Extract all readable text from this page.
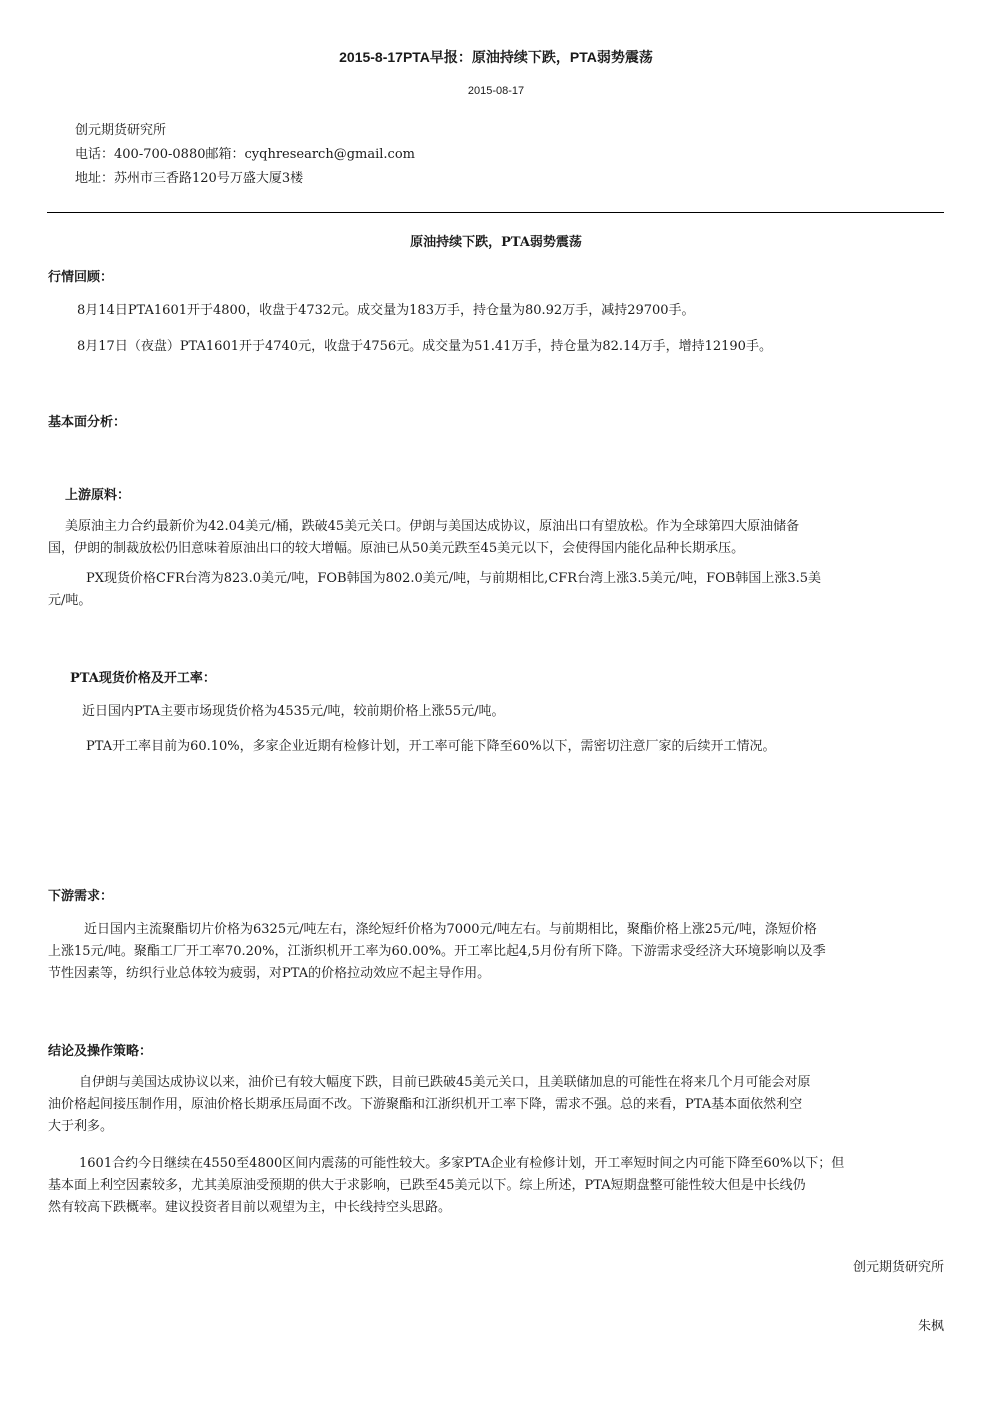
2015-8-17PTA早报：原油持续下跌，PTA弱势震荡
2015-08-17
创元期货研究所
电话：400-700-0880邮箱：cyqhresearch@gmail.com
地址：苏州市三香路120号万盛大厦3楼
原油持续下跌，PTA弱势震荡
行情回顾：
8月14日PTA1601开于4800，收盘于4732元。成交量为183万手，持仓量为80.92万手，减持29700手。
8月17日（夜盘）PTA1601开于4740元，收盘于4756元。成交量为51.41万手，持仓量为82.14万手，增持12190手。
基本面分析：
上游原料：
美原油主力合约最新价为42.04美元/桶，跌破45美元关口。伊朗与美国达成协议，原油出口有望放松。作为全球第四大原油储备
国，伊朗的制裁放松仍旧意味着原油出口的较大增幅。原油已从50美元跌至45美元以下，会使得国内能化品种长期承压。
PX现货价格CFR台湾为823.0美元/吨，FOB韩国为802.0美元/吨，与前期相比,CFR台湾上涨3.5美元/吨，FOB韩国上涨3.5美
元/吨。
PTA现货价格及开工率：
近日国内PTA主要市场现货价格为4535元/吨，较前期价格上涨55元/吨。
PTA开工率目前为60.10%，多家企业近期有检修计划，开工率可能下降至60%以下，需密切注意厂家的后续开工情况。
下游需求：
近日国内主流聚酯切片价格为6325元/吨左右，涤纶短纤价格为7000元/吨左右。与前期相比，聚酯价格上涨25元/吨，涤短价格
上涨15元/吨。聚酯工厂开工率70.20%，江浙织机开工率为60.00%。开工率比起4,5月份有所下降。下游需求受经济大环境影响以及季
节性因素等，纺织行业总体较为疲弱，对PTA的价格拉动效应不起主导作用。
结论及操作策略：
自伊朗与美国达成协议以来，油价已有较大幅度下跌，目前已跌破45美元关口，且美联储加息的可能性在将来几个月可能会对原
油价格起间接压制作用，原油价格长期承压局面不改。下游聚酯和江浙织机开工率下降，需求不强。总的来看，PTA基本面依然利空
大于利多。
1601合约今日继续在4550至4800区间内震荡的可能性较大。多家PTA企业有检修计划，开工率短时间之内可能下降至60%以下；但
基本面上利空因素较多，尤其美原油受预期的供大于求影响，已跌至45美元以下。综上所述，PTA短期盘整可能性较大但是中长线仍
然有较高下跌概率。建议投资者目前以观望为主，中长线持空头思路。
创元期货研究所
朱枫
